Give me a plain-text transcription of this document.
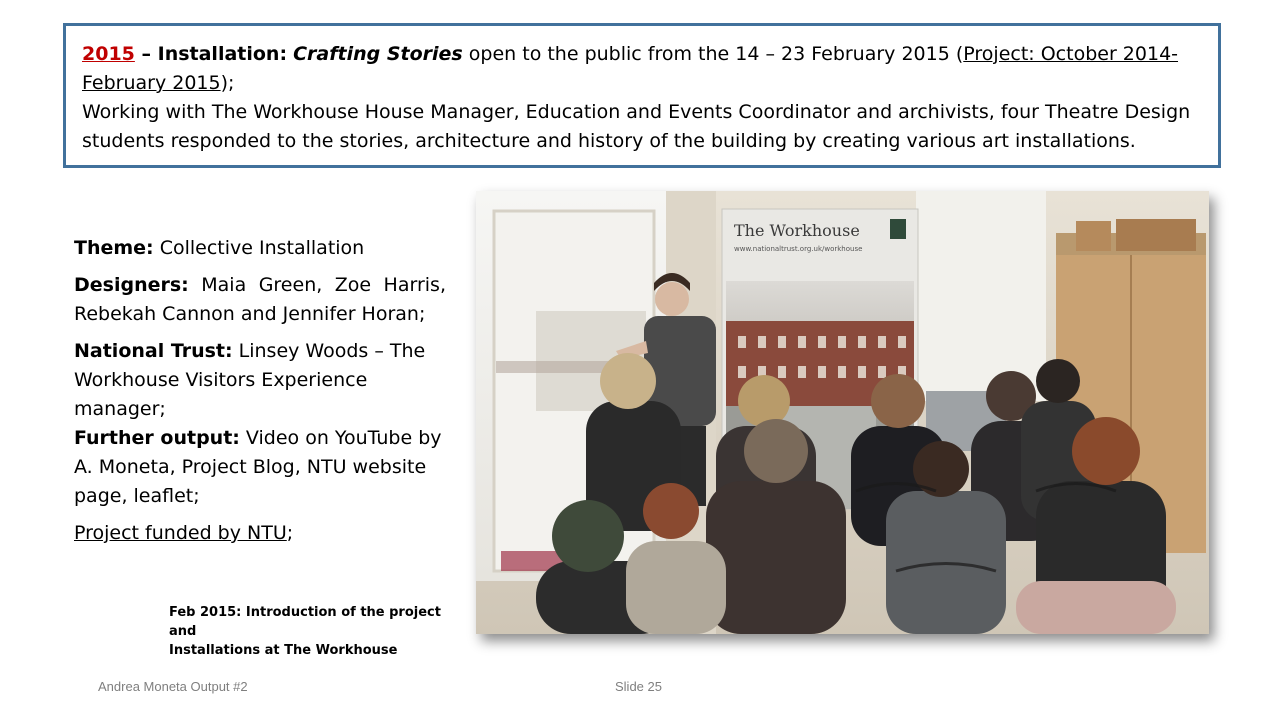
2015 – Installation: Crafting Stories open to the public from the 14 – 23 February 2015 (Project: October 2014-February 2015);

Working with The Workhouse House Manager, Education and Events Coordinator and archivists, four Theatre Design students responded to the stories, architecture and history of the building by creating various art installations.

Theme: Collective Installation

Designers: Maia Green, Zoe Harris, Rebekah Cannon and Jennifer Horan;

National Trust: Linsey Woods – The Workhouse Visitors Experience manager;

Further output: Video on YouTube by A. Moneta, Project Blog, NTU website page, leaflet;

Project funded by NTU;

Feb 2015: Introduction of the project and

Installations at The Workhouse

The Workhouse
www.nationaltrust.org.uk/workhouse
Andrea Moneta Output #2	Slide 25
